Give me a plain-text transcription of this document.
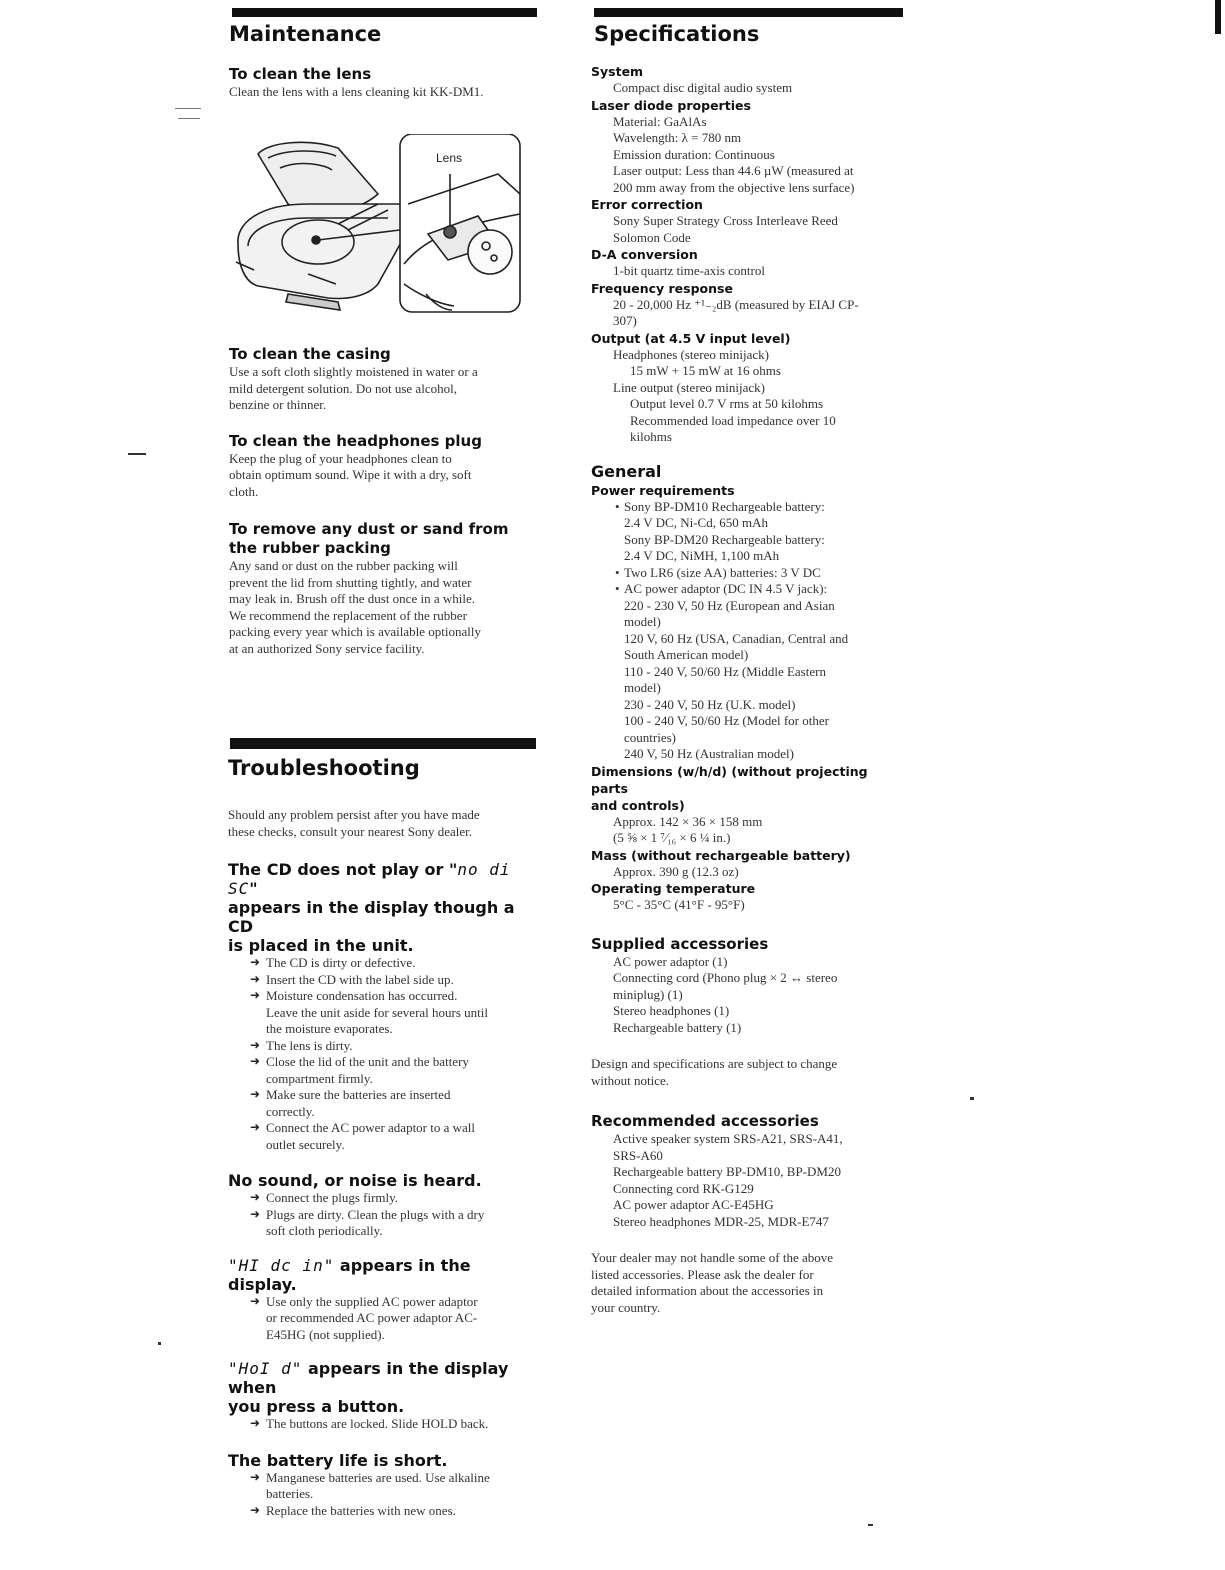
Maintenance
To clean the lens

Clean the lens with a lens cleaning kit KK-DM1.

Lens
To clean the casing

Use a soft cloth slightly moistened in water or a

mild detergent solution. Do not use alcohol,

benzine or thinner.

To clean the headphones plug

Keep the plug of your headphones clean to

obtain optimum sound. Wipe it with a dry, soft

cloth.

To remove any dust or sand from
the rubber packing

Any sand or dust on the rubber packing will

prevent the lid from shutting tightly, and water

may leak in. Brush off the dust once in a while.

We recommend the replacement of the rubber

packing every year which is available optionally

at an authorized Sony service facility.

Troubleshooting

Should any problem persist after you have made

these checks, consult your nearest Sony dealer.

The CD does not play or "no di SC"
appears in the display though a CD
is placed in the unit.
➜ The CD is dirty or defective.

➜ Insert the CD with the label side up.

➜ Moisture condensation has occurred.

Leave the unit aside for several hours until

the moisture evaporates.

➜ The lens is dirty.

➜ Close the lid of the unit and the battery

compartment firmly.

➜ Make sure the batteries are inserted

correctly.

➜ Connect the AC power adaptor to a wall

outlet securely.

No sound, or noise is heard.
➜ Connect the plugs firmly.

➜ Plugs are dirty. Clean the plugs with a dry

soft cloth periodically.

"HI dc in" appears in the display.
➜ Use only the supplied AC power adaptor

or recommended AC power adaptor AC-

E45HG (not supplied).

"HoI d" appears in the display when
you press a button.
➜ The buttons are locked. Slide HOLD back.

The battery life is short.
➜ Manganese batteries are used. Use alkaline

batteries.

➜ Replace the batteries with new ones.

Specifications

System

Compact disc digital audio system

Laser diode properties

Material: GaAlAs

Wavelength: λ = 780 nm

Emission duration: Continuous

Laser output: Less than 44.6 µW (measured at

200 mm away from the objective lens surface)

Error correction

Sony Super Strategy Cross Interleave Reed

Solomon Code

D-A conversion

1-bit quartz time-axis control

Frequency response

20 - 20,000 Hz ⁺¹₋₂dB (measured by EIAJ CP-

307)

Output (at 4.5 V input level)

Headphones (stereo minijack)

15 mW + 15 mW at 16 ohms

Line output (stereo minijack)

Output level 0.7 V rms at 50 kilohms

Recommended load impedance over 10

kilohms

General

Power requirements

• Sony BP-DM10 Rechargeable battery:

2.4 V DC, Ni-Cd, 650 mAh

Sony BP-DM20 Rechargeable battery:

2.4 V DC, NiMH, 1,100 mAh

• Two LR6 (size AA) batteries: 3 V DC

• AC power adaptor (DC IN 4.5 V jack):

220 - 230 V, 50 Hz (European and Asian

model)

120 V, 60 Hz (USA, Canadian, Central and

South American model)

110 - 240 V, 50/60 Hz (Middle Eastern

model)

230 - 240 V, 50 Hz (U.K. model)

100 - 240 V, 50/60 Hz (Model for other

countries)

240 V, 50 Hz (Australian model)

Dimensions (w/h/d) (without projecting parts

and controls)

Approx. 142 × 36 × 158 mm

(5 ⅝ × 1 ⁷⁄₁₆ × 6 ¼ in.)

Mass (without rechargeable battery)

Approx. 390 g (12.3 oz)

Operating temperature

5°C - 35°C (41°F - 95°F)

Supplied accessories

AC power adaptor (1)

Connecting cord (Phono plug × 2 ↔ stereo

miniplug) (1)

Stereo headphones (1)

Rechargeable battery (1)

Design and specifications are subject to change

without notice.

Recommended accessories

Active speaker system SRS-A21, SRS-A41,

SRS-A60

Rechargeable battery BP-DM10, BP-DM20

Connecting cord RK-G129

AC power adaptor AC-E45HG

Stereo headphones MDR-25, MDR-E747

Your dealer may not handle some of the above

listed accessories. Please ask the dealer for

detailed information about the accessories in

your country.
